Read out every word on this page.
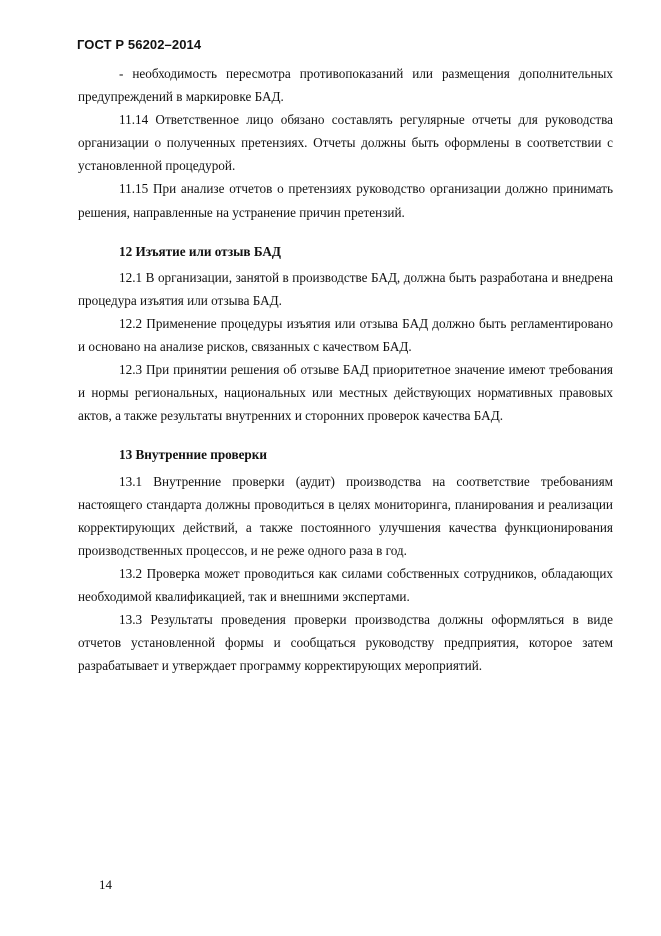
ГОСТ Р 56202–2014

- необходимость пересмотра противопоказаний или размещения дополнительных предупреждений в маркировке БАД.

11.14 Ответственное лицо обязано составлять регулярные отчеты для руководства организации о полученных претензиях. Отчеты должны быть оформлены в соответствии с установленной процедурой.

11.15 При анализе отчетов о претензиях руководство организации должно принимать решения, направленные на устранение причин претензий.

12 Изъятие или отзыв БАД

12.1 В организации, занятой в производстве БАД, должна быть разработана и внедрена процедура изъятия или отзыва БАД.

12.2 Применение процедуры изъятия или отзыва БАД должно быть регламентировано и основано на анализе рисков, связанных с качеством БАД.

12.3 При принятии решения об отзыве БАД приоритетное значение имеют требования и нормы региональных, национальных или местных действующих нормативных правовых актов, а также результаты внутренних и сторонних проверок качества БАД.

13 Внутренние проверки

13.1 Внутренние проверки (аудит) производства на соответствие требованиям настоящего стандарта должны проводиться в целях мониторинга, планирования и реализации корректирующих действий, а также постоянного улучшения качества функционирования производственных процессов, и не реже одного раза в год.

13.2 Проверка может проводиться как силами собственных сотрудников, обладающих необходимой квалификацией, так и внешними экспертами.

13.3 Результаты проведения проверки производства должны оформляться в виде отчетов установленной формы и сообщаться руководству предприятия, которое затем разрабатывает и утверждает программу корректирующих мероприятий.

14
